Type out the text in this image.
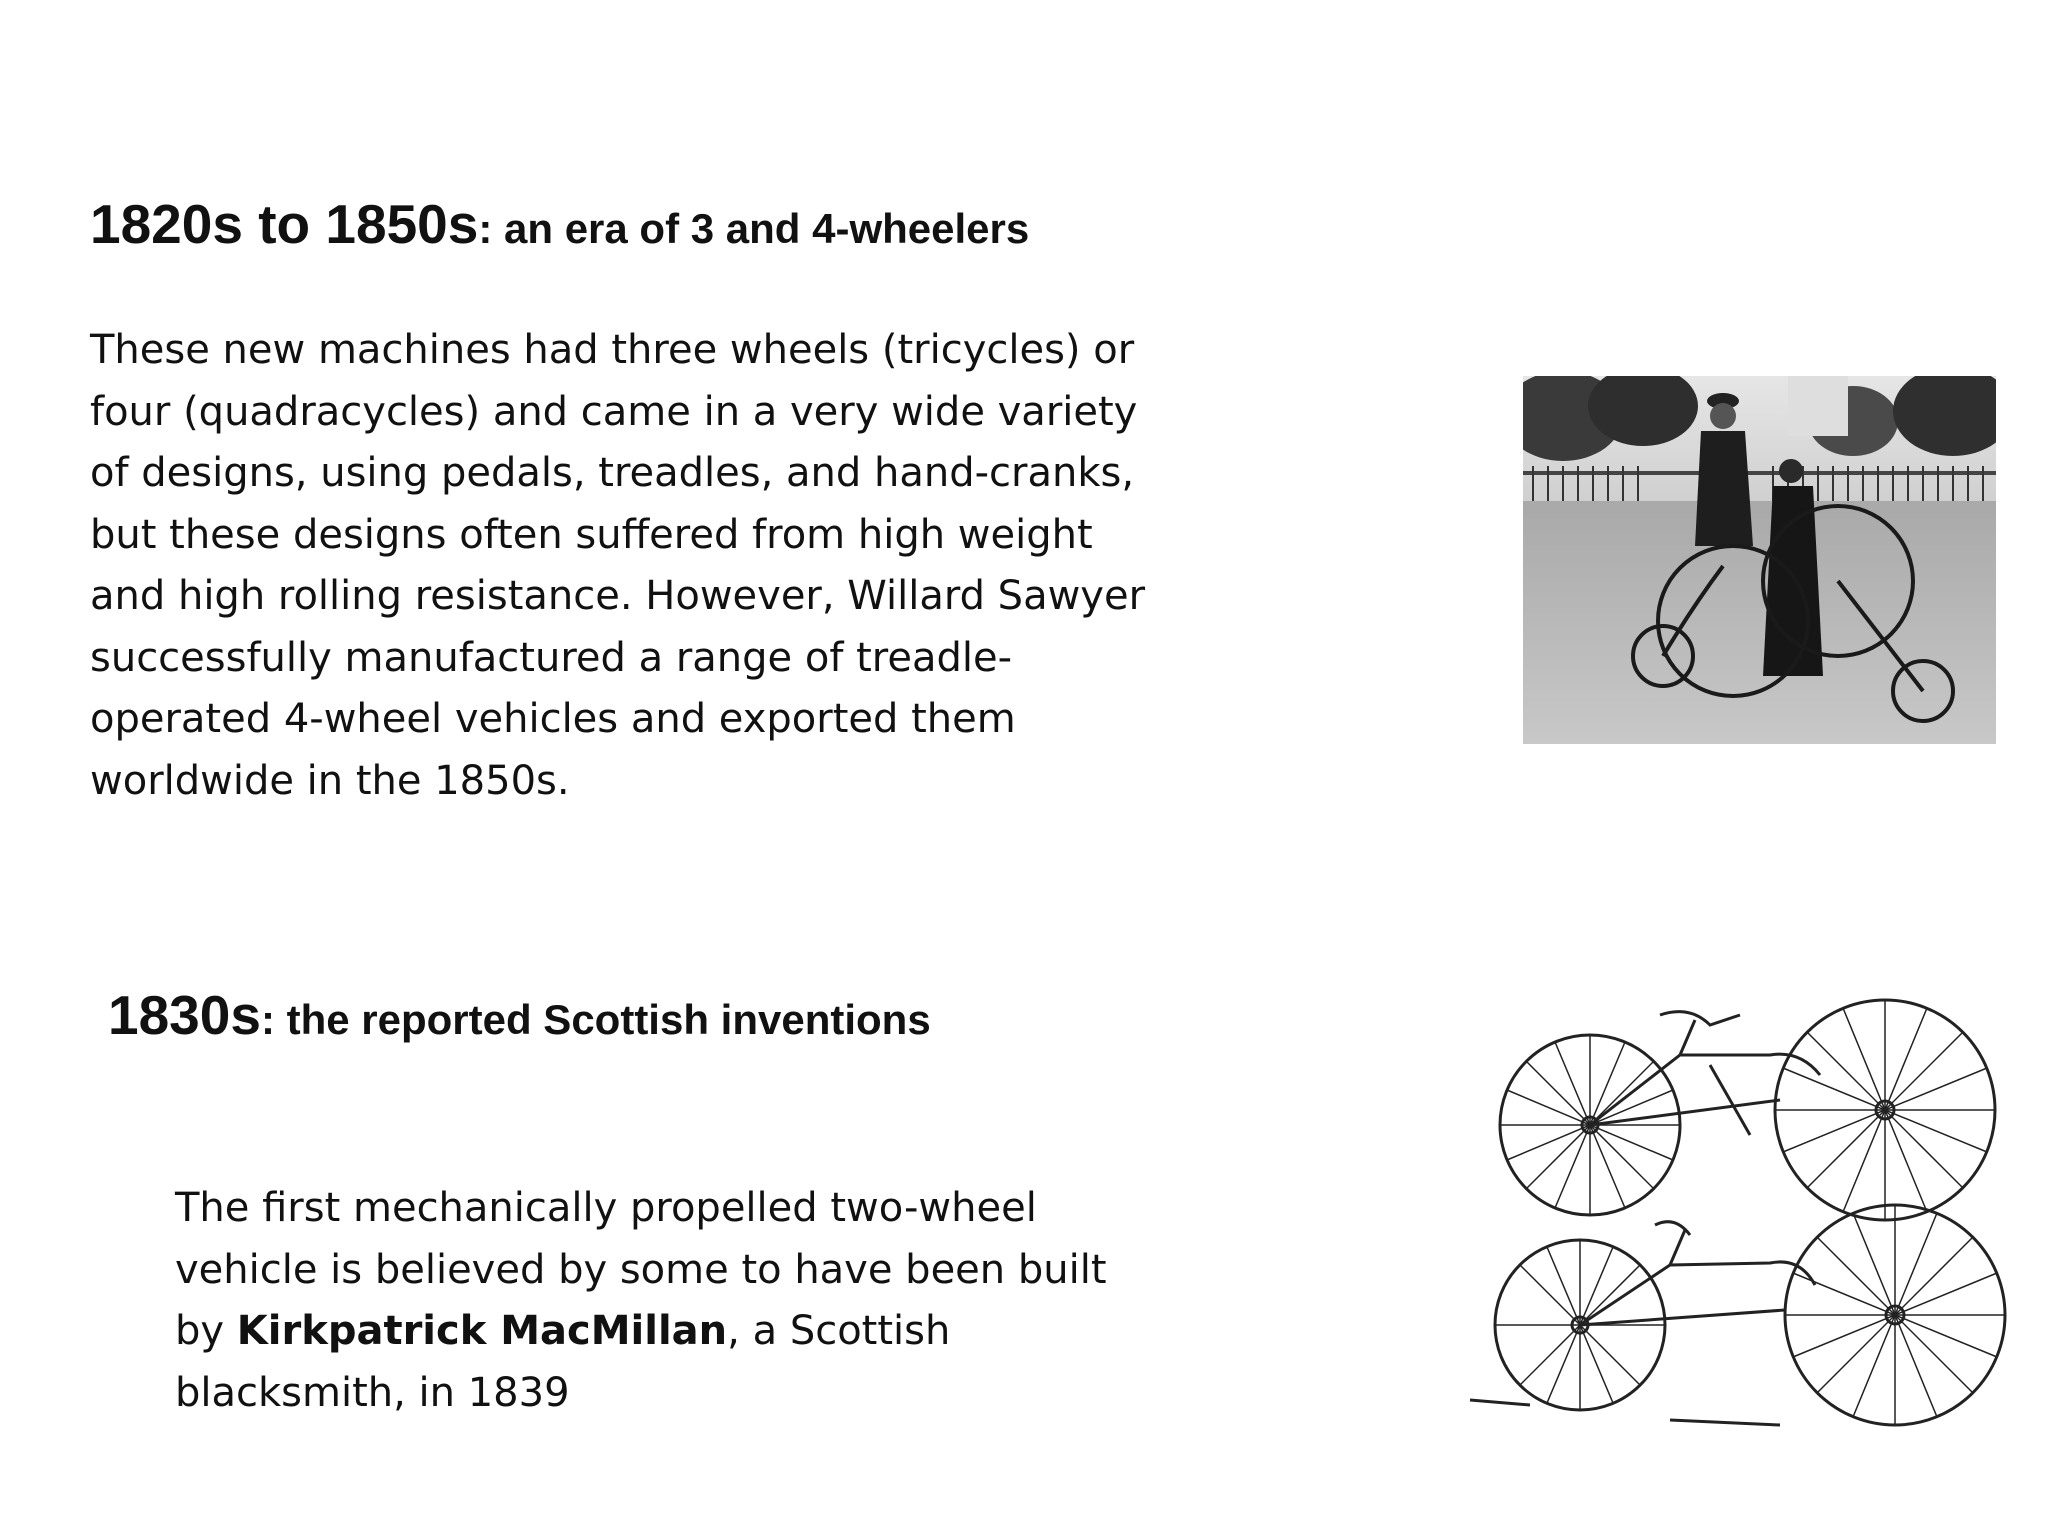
1820s to 1850s: an era of 3 and 4-wheelers

These new machines had three wheels (tricycles) or
four (quadracycles) and came in a very wide variety
of designs, using pedals, treadles, and hand-cranks,
but these designs often suffered from high weight
and high rolling resistance. However, Willard Sawyer
successfully manufactured a range of treadle-
operated 4-wheel vehicles and exported them
worldwide in the 1850s.

1830s: the reported Scottish inventions

The first mechanically propelled two-wheel
vehicle is believed by some to have been built
by Kirkpatrick MacMillan, a Scottish
blacksmith, in 1839
